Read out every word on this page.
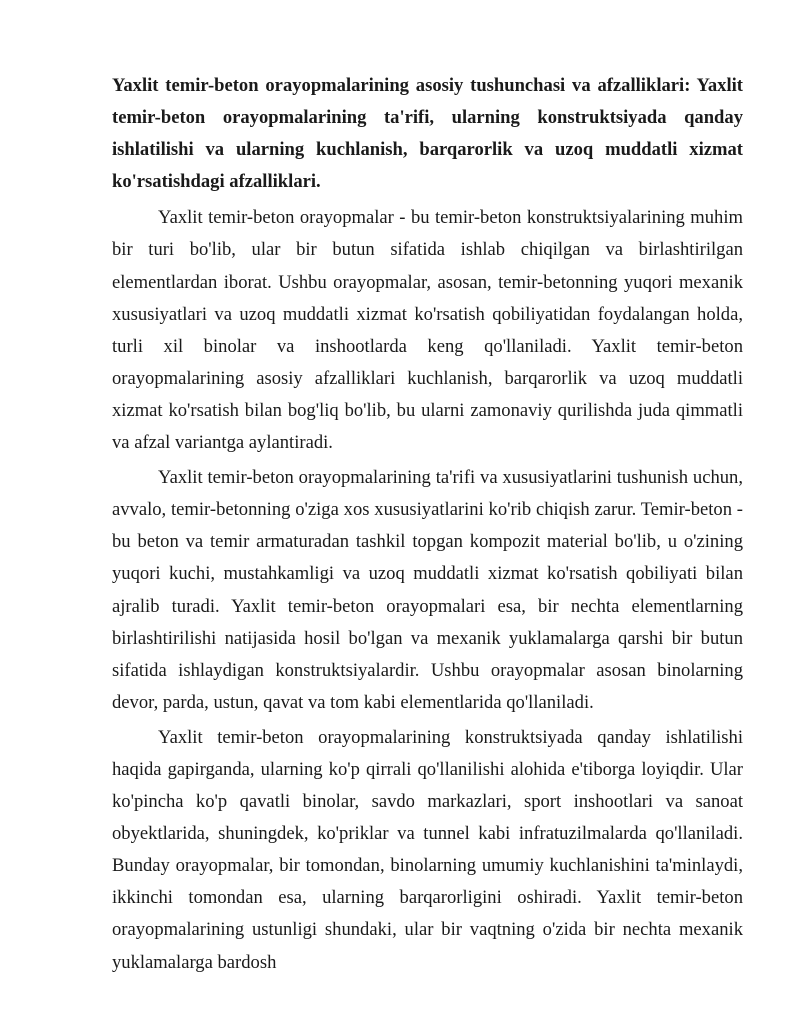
Yaxlit temir-beton orayopmalarining asosiy tushunchasi va afzalliklari: Yaxlit temir-beton orayopmalarining ta'rifi, ularning konstruktsiyada qanday ishlatilishi va ularning kuchlanish, barqarorlik va uzoq muddatli xizmat ko'rsatishdagi afzalliklari.

Yaxlit temir-beton orayopmalar - bu temir-beton konstruktsiyalarining muhim bir turi bo'lib, ular bir butun sifatida ishlab chiqilgan va birlashtirilgan elementlardan iborat. Ushbu orayopmalar, asosan, temir-betonning yuqori mexanik xususiyatlari va uzoq muddatli xizmat ko'rsatish qobiliyatidan foydalangan holda, turli xil binolar va inshootlarda keng qo'llaniladi. Yaxlit temir-beton orayopmalarining asosiy afzalliklari kuchlanish, barqarorlik va uzoq muddatli xizmat ko'rsatish bilan bog'liq bo'lib, bu ularni zamonaviy qurilishda juda qimmatli va afzal variantga aylantiradi.

Yaxlit temir-beton orayopmalarining ta'rifi va xususiyatlarini tushunish uchun, avvalo, temir-betonning o'ziga xos xususiyatlarini ko'rib chiqish zarur. Temir-beton - bu beton va temir armaturadan tashkil topgan kompozit material bo'lib, u o'zining yuqori kuchi, mustahkamligi va uzoq muddatli xizmat ko'rsatish qobiliyati bilan ajralib turadi. Yaxlit temir-beton orayopmalari esa, bir nechta elementlarning birlashtirilishi natijasida hosil bo'lgan va mexanik yuklamalarga qarshi bir butun sifatida ishlaydigan konstruktsiyalardir. Ushbu orayopmalar asosan binolarning devor, parda, ustun, qavat va tom kabi elementlarida qo'llaniladi.

Yaxlit temir-beton orayopmalarining konstruktsiyada qanday ishlatilishi haqida gapirganda, ularning ko'p qirrali qo'llanilishi alohida e'tiborga loyiqdir. Ular ko'pincha ko'p qavatli binolar, savdo markazlari, sport inshootlari va sanoat obyektlarida, shuningdek, ko'priklar va tunnel kabi infratuzilmalarda qo'llaniladi. Bunday orayopmalar, bir tomondan, binolarning umumiy kuchlanishini ta'minlaydi, ikkinchi tomondan esa, ularning barqarorligini oshiradi. Yaxlit temir-beton orayopmalarining ustunligi shundaki, ular bir vaqtning o'zida bir nechta mexanik yuklamalarga bardosh
